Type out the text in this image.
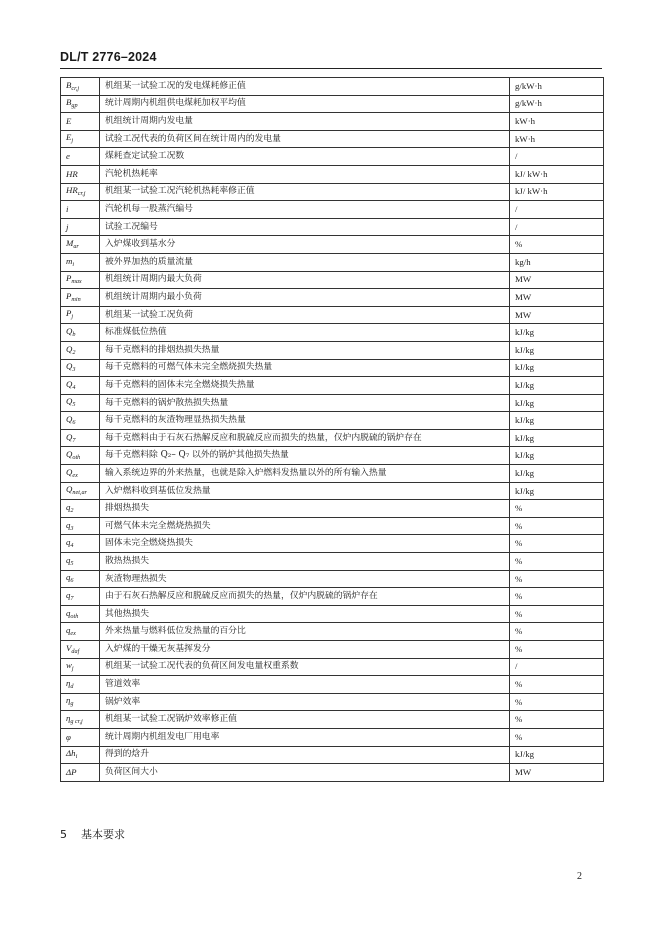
DL/T 2776–2024
$B_{cr,j}$	机组某一试验工况的发电煤耗修正值	g/kW·h
$B_{gp}$	统计周期内机组供电煤耗加权平均值	g/kW·h
E	机组统计周期内发电量	kW·h
$E_j$	试验工况代表的负荷区间在统计周内的发电量	kW·h
e	煤耗查定试验工况数	/
HR	汽轮机热耗率	kJ/ kW·h
$HR_{cr,j}$	机组某一试验工况汽轮机热耗率修正值	kJ/ kW·h
i	汽轮机每一股蒸汽编号	/
j	试验工况编号	/
$M_{ar}$	入炉煤收到基水分	%
$m_i$	被外界加热的质量流量	kg/h
$P_{max}$	机组统计周期内最大负荷	MW
$P_{min}$	机组统计周期内最小负荷	MW
$P_j$	机组某一试验工况负荷	MW
$Q_b$	标准煤低位热值	kJ/kg
$Q_2$	每千克燃料的排烟热损失热量	kJ/kg
$Q_3$	每千克燃料的可燃气体未完全燃烧损失热量	kJ/kg
$Q_4$	每千克燃料的固体未完全燃烧损失热量	kJ/kg
$Q_5$	每千克燃料的锅炉散热损失热量	kJ/kg
$Q_6$	每千克燃料的灰渣物理显热损失热量	kJ/kg
$Q_7$	每千克燃料由于石灰石热解反应和脱硫反应而损失的热量，仅炉内脱硫的锅炉存在	kJ/kg
$Q_{oth}$	每千克燃料除 Q₂– Q₇ 以外的锅炉其他损失热量	kJ/kg
$Q_{ex}$	输入系统边界的外来热量，也就是除入炉燃料发热量以外的所有输入热量	kJ/kg
$Q_{net,ar}$	入炉燃料收到基低位发热量	kJ/kg
$q_2$	排烟热损失	%
$q_3$	可燃气体未完全燃烧热损失	%
$q_4$	固体未完全燃烧热损失	%
$q_5$	散热热损失	%
$q_6$	灰渣物理热损失	%
$q_7$	由于石灰石热解反应和脱硫反应而损失的热量，仅炉内脱硫的锅炉存在	%
$q_{oth}$	其他热损失	%
$q_{ex}$	外来热量与燃料低位发热量的百分比	%
$V_{daf}$	入炉煤的干燥无灰基挥发分	%
$w_j$	机组某一试验工况代表的负荷区间发电量权重系数	/
$\eta_d$	管道效率	%
$\eta_g$	锅炉效率	%
$\eta_{g cr,j}$	机组某一试验工况锅炉效率修正值	%
φ	统计周期内机组发电厂用电率	%
$\Delta h_i$	得到的焓升	kJ/kg
ΔP	负荷区间大小	MW
5 基本要求
2
